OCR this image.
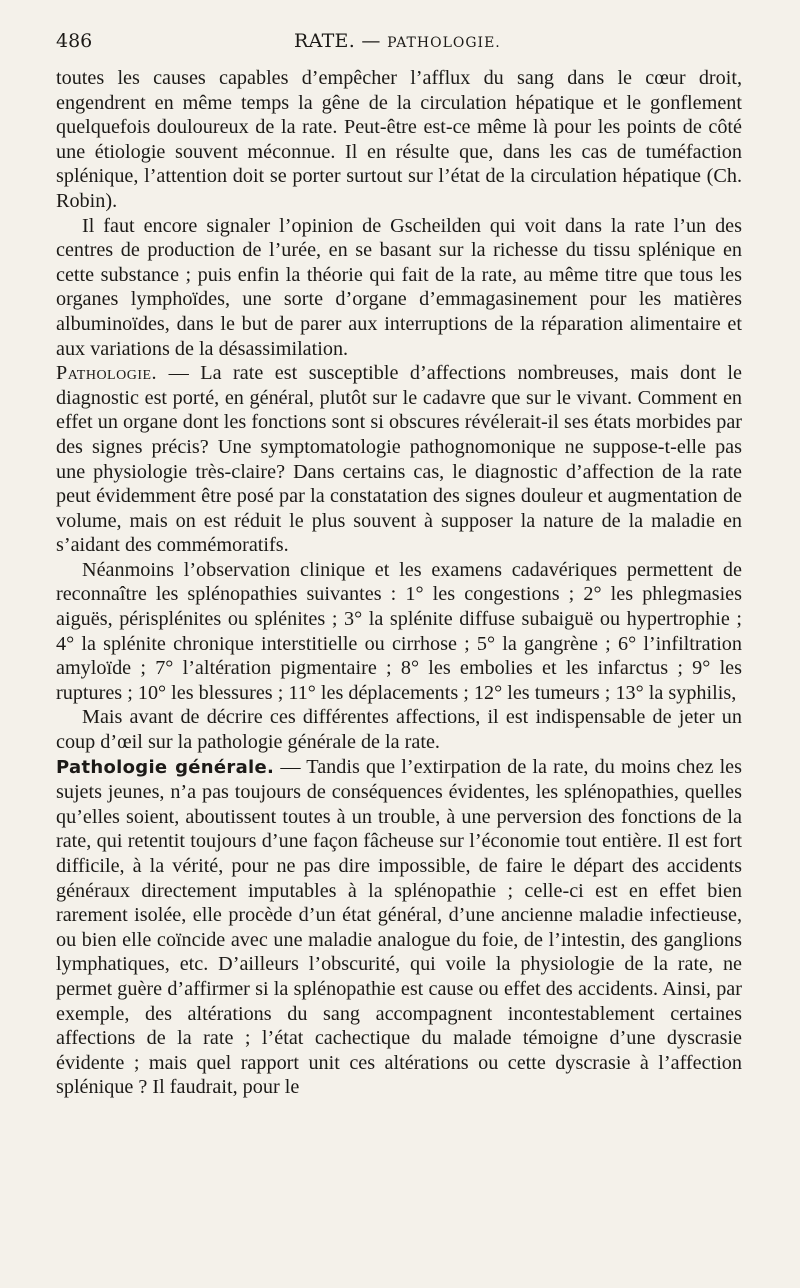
486	RATE. — PATHOLOGIE.

toutes les causes capables d’empêcher l’afflux du sang dans le cœur droit, engendrent en même temps la gêne de la circulation hépatique et le gonflement quelquefois douloureux de la rate. Peut-être est-ce même là pour les points de côté une étiologie souvent méconnue. Il en résulte que, dans les cas de tuméfaction splénique, l’attention doit se porter surtout sur l’état de la circulation hépatique (Ch. Robin).

Il faut encore signaler l’opinion de Gscheilden qui voit dans la rate l’un des centres de production de l’urée, en se basant sur la richesse du tissu splénique en cette substance ; puis enfin la théorie qui fait de la rate, au même titre que tous les organes lymphoïdes, une sorte d’organe d’emmagasinement pour les matières albuminoïdes, dans le but de parer aux interruptions de la réparation alimentaire et aux variations de la désassimilation.

Pathologie. — La rate est susceptible d’affections nombreuses, mais dont le diagnostic est porté, en général, plutôt sur le cadavre que sur le vivant. Comment en effet un organe dont les fonctions sont si obscures révélerait-il ses états morbides par des signes précis? Une symptomatologie pathognomonique ne suppose-t-elle pas une physiologie très-claire? Dans certains cas, le diagnostic d’affection de la rate peut évidemment être posé par la constatation des signes douleur et augmentation de volume, mais on est réduit le plus souvent à supposer la nature de la maladie en s’aidant des commémoratifs.

Néanmoins l’observation clinique et les examens cadavériques permettent de reconnaître les splénopathies suivantes : 1° les congestions ; 2° les phlegmasies aiguës, périsplénites ou splénites ; 3° la splénite diffuse subaiguë ou hypertrophie ; 4° la splénite chronique interstitielle ou cirrhose ; 5° la gangrène ; 6° l’infiltration amyloïde ; 7° l’altération pigmentaire ; 8° les embolies et les infarctus ; 9° les ruptures ; 10° les blessures ; 11° les déplacements ; 12° les tumeurs ; 13° la syphilis,

Mais avant de décrire ces différentes affections, il est indispensable de jeter un coup d’œil sur la pathologie générale de la rate.

Pathologie générale. — Tandis que l’extirpation de la rate, du moins chez les sujets jeunes, n’a pas toujours de conséquences évidentes, les splénopathies, quelles qu’elles soient, aboutissent toutes à un trouble, à une perversion des fonctions de la rate, qui retentit toujours d’une façon fâcheuse sur l’économie tout entière. Il est fort difficile, à la vérité, pour ne pas dire impossible, de faire le départ des accidents généraux directement imputables à la splénopathie ; celle-ci est en effet bien rarement isolée, elle procède d’un état général, d’une ancienne maladie infectieuse, ou bien elle coïncide avec une maladie analogue du foie, de l’intestin, des ganglions lymphatiques, etc. D’ailleurs l’obscurité, qui voile la physiologie de la rate, ne permet guère d’affirmer si la splénopathie est cause ou effet des accidents. Ainsi, par exemple, des altérations du sang accompagnent incontestablement certaines affections de la rate ; l’état cachectique du malade témoigne d’une dyscrasie évidente ; mais quel rapport unit ces altérations ou cette dyscrasie à l’affection splénique ? Il faudrait, pour le
